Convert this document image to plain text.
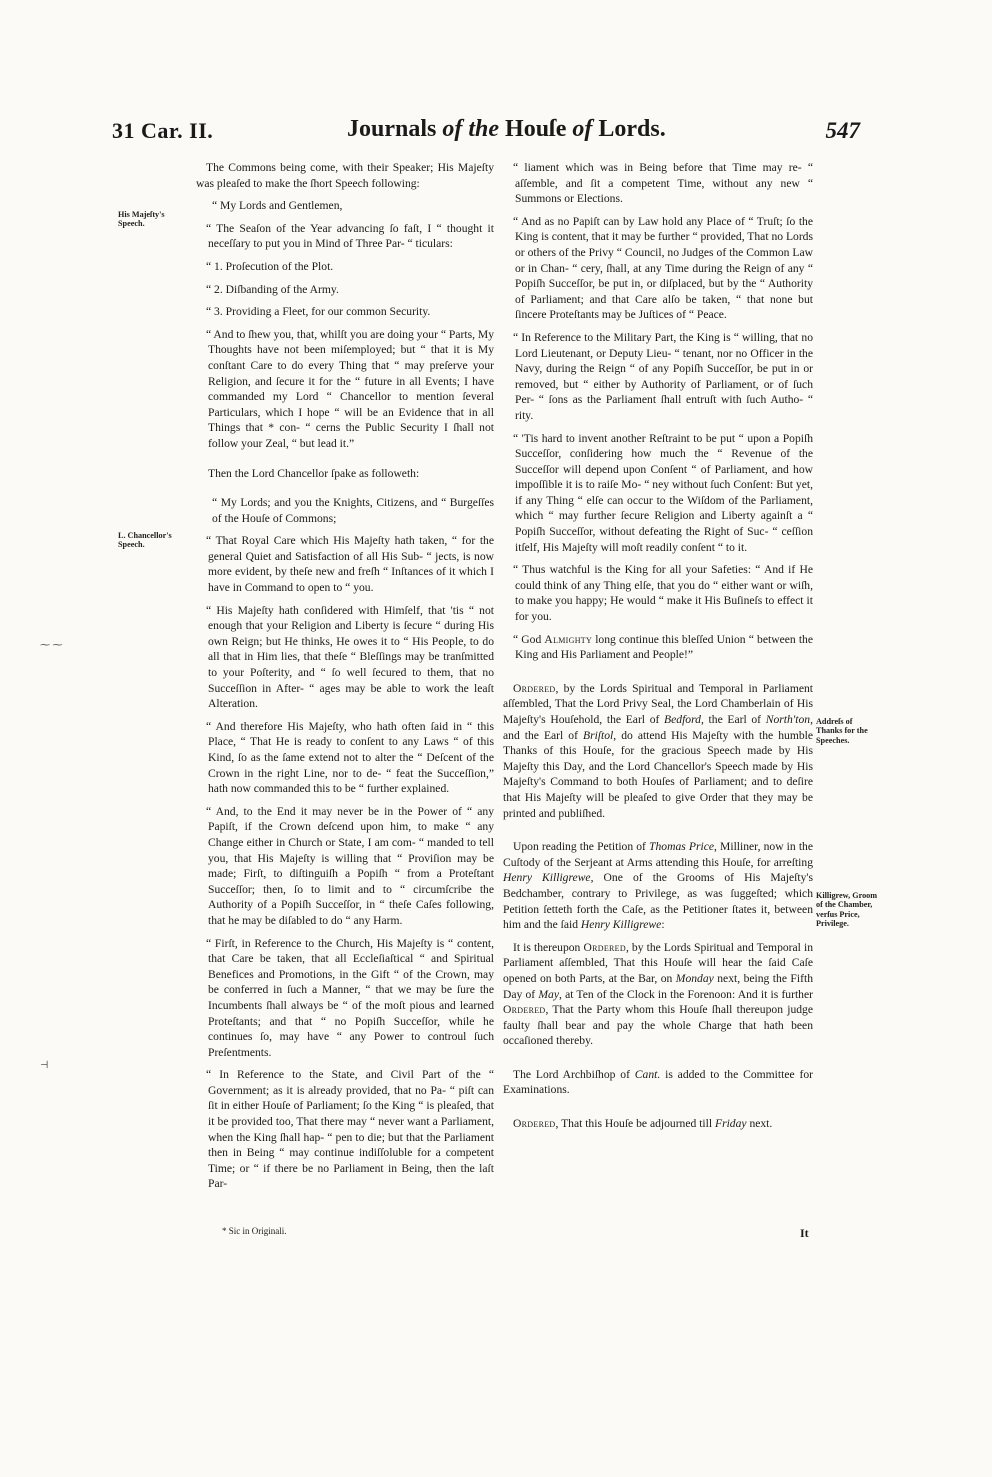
31 Car. II.	Journals of the Houſe of Lords.	547
His Majeſty's Speech.
L. Chancellor's Speech.
Addreſs of Thanks for the Speeches.
Killigrew, Groom of the Chamber, verſus Price, Privilege.
⁓ ⁓
⊣

The Commons being come, with their Speaker; His Majeſty was pleaſed to make the ſhort Speech following:

“ My Lords and Gentlemen,

“ The Seaſon of the Year advancing ſo faſt, I “ thought it neceſſary to put you in Mind of Three Par- “ ticulars:

“ 1. Proſecution of the Plot.

“ 2. Diſbanding of the Army.

“ 3. Providing a Fleet, for our common Security.

“ And to ſhew you, that, whilſt you are doing your “ Parts, My Thoughts have not been miſemployed; but “ that it is My conſtant Care to do every Thing that “ may preſerve your Religion, and ſecure it for the “ future in all Events; I have commanded my Lord “ Chancellor to mention ſeveral Particulars, which I hope “ will be an Evidence that in all Things that * con- “ cerns the Public Security I ſhall not follow your Zeal, “ but lead it.”

Then the Lord Chancellor ſpake as followeth:

“ My Lords; and you the Knights, Citizens, and “ Burgeſſes of the Houſe of Commons;

“ That Royal Care which His Majeſty hath taken, “ for the general Quiet and Satisfaction of all His Sub- “ jects, is now more evident, by theſe new and freſh “ Inſtances of it which I have in Command to open to “ you.

“ His Majeſty hath conſidered with Himſelf, that 'tis “ not enough that your Religion and Liberty is ſecure “ during His own Reign; but He thinks, He owes it to “ His People, to do all that in Him lies, that theſe “ Bleſſings may be tranſmitted to your Poſterity, and “ ſo well ſecured to them, that no Succeſſion in After- “ ages may be able to work the leaſt Alteration.

“ And therefore His Majeſty, who hath often ſaid in “ this Place, “ That He is ready to conſent to any Laws “ of this Kind, ſo as the ſame extend not to alter the “ Deſcent of the Crown in the right Line, nor to de- “ feat the Succeſſion,” hath now commanded this to be “ further explained.

“ And, to the End it may never be in the Power of “ any Papiſt, if the Crown deſcend upon him, to make “ any Change either in Church or State, I am com- “ manded to tell you, that His Majeſty is willing that “ Proviſion may be made; Firſt, to diſtinguiſh a Popiſh “ from a Proteſtant Succeſſor; then, ſo to limit and to “ circumſcribe the Authority of a Popiſh Succeſſor, in “ theſe Caſes following, that he may be diſabled to do “ any Harm.

“ Firſt, in Reference to the Church, His Majeſty is “ content, that Care be taken, that all Eccleſiaſtical “ and Spiritual Benefices and Promotions, in the Gift “ of the Crown, may be conferred in ſuch a Manner, “ that we may be ſure the Incumbents ſhall always be “ of the moſt pious and learned Proteſtants; and that “ no Popiſh Succeſſor, while he continues ſo, may have “ any Power to controul ſuch Preſentments.

“ In Reference to the State, and Civil Part of the “ Government; as it is already provided, that no Pa- “ piſt can ſit in either Houſe of Parliament; ſo the King “ is pleaſed, that it be provided too, That there may “ never want a Parliament, when the King ſhall hap- “ pen to die; but that the Parliament then in Being “ may continue indiſſoluble for a competent Time; or “ if there be no Parliament in Being, then the laſt Par-

“ liament which was in Being before that Time may re- “ aſſemble, and ſit a competent Time, without any new “ Summons or Elections.

“ And as no Papiſt can by Law hold any Place of “ Truſt; ſo the King is content, that it may be further “ provided, That no Lords or others of the Privy “ Council, no Judges of the Common Law or in Chan- “ cery, ſhall, at any Time during the Reign of any “ Popiſh Succeſſor, be put in, or diſplaced, but by the “ Authority of Parliament; and that Care alſo be taken, “ that none but ſincere Proteſtants may be Juſtices of “ Peace.

“ In Reference to the Military Part, the King is “ willing, that no Lord Lieutenant, or Deputy Lieu- “ tenant, nor no Officer in the Navy, during the Reign “ of any Popiſh Succeſſor, be put in or removed, but “ either by Authority of Parliament, or of ſuch Per- “ ſons as the Parliament ſhall entruſt with ſuch Autho- “ rity.

“ 'Tis hard to invent another Reſtraint to be put “ upon a Popiſh Succeſſor, conſidering how much the “ Revenue of the Succeſſor will depend upon Conſent “ of Parliament, and how impoſſible it is to raiſe Mo- “ ney without ſuch Conſent: But yet, if any Thing “ elſe can occur to the Wiſdom of the Parliament, which “ may further ſecure Religion and Liberty againſt a “ Popiſh Succeſſor, without defeating the Right of Suc- “ ceſſion itſelf, His Majeſty will moſt readily conſent “ to it.

“ Thus watchful is the King for all your Safeties: “ And if He could think of any Thing elſe, that you do “ either want or wiſh, to make you happy; He would “ make it His Buſineſs to effect it for you.

“ God Almighty long continue this bleſſed Union “ between the King and His Parliament and People!”

Ordered, by the Lords Spiritual and Temporal in Parliament aſſembled, That the Lord Privy Seal, the Lord Chamberlain of His Majeſty's Houſehold, the Earl of Bedford, the Earl of North'ton, and the Earl of Briſtol, do attend His Majeſty with the humble Thanks of this Houſe, for the gracious Speech made by His Majeſty this Day, and the Lord Chancellor's Speech made by His Majeſty's Command to both Houſes of Parliament; and to deſire that His Majeſty will be pleaſed to give Order that they may be printed and publiſhed.

Upon reading the Petition of Thomas Price, Milliner, now in the Cuſtody of the Serjeant at Arms attending this Houſe, for arreſting Henry Killigrewe, One of the Grooms of His Majeſty's Bedchamber, contrary to Privilege, as was ſuggeſted; which Petition ſetteth forth the Caſe, as the Petitioner ſtates it, between him and the ſaid Henry Killigrewe:

It is thereupon Ordered, by the Lords Spiritual and Temporal in Parliament aſſembled, That this Houſe will hear the ſaid Caſe opened on both Parts, at the Bar, on Monday next, being the Fifth Day of May, at Ten of the Clock in the Forenoon: And it is further Ordered, That the Party whom this Houſe ſhall thereupon judge faulty ſhall bear and pay the whole Charge that hath been occaſioned thereby.

The Lord Archbiſhop of Cant. is added to the Committee for Examinations.

Ordered, That this Houſe be adjourned till Friday next.

* Sic in Originali.	It
